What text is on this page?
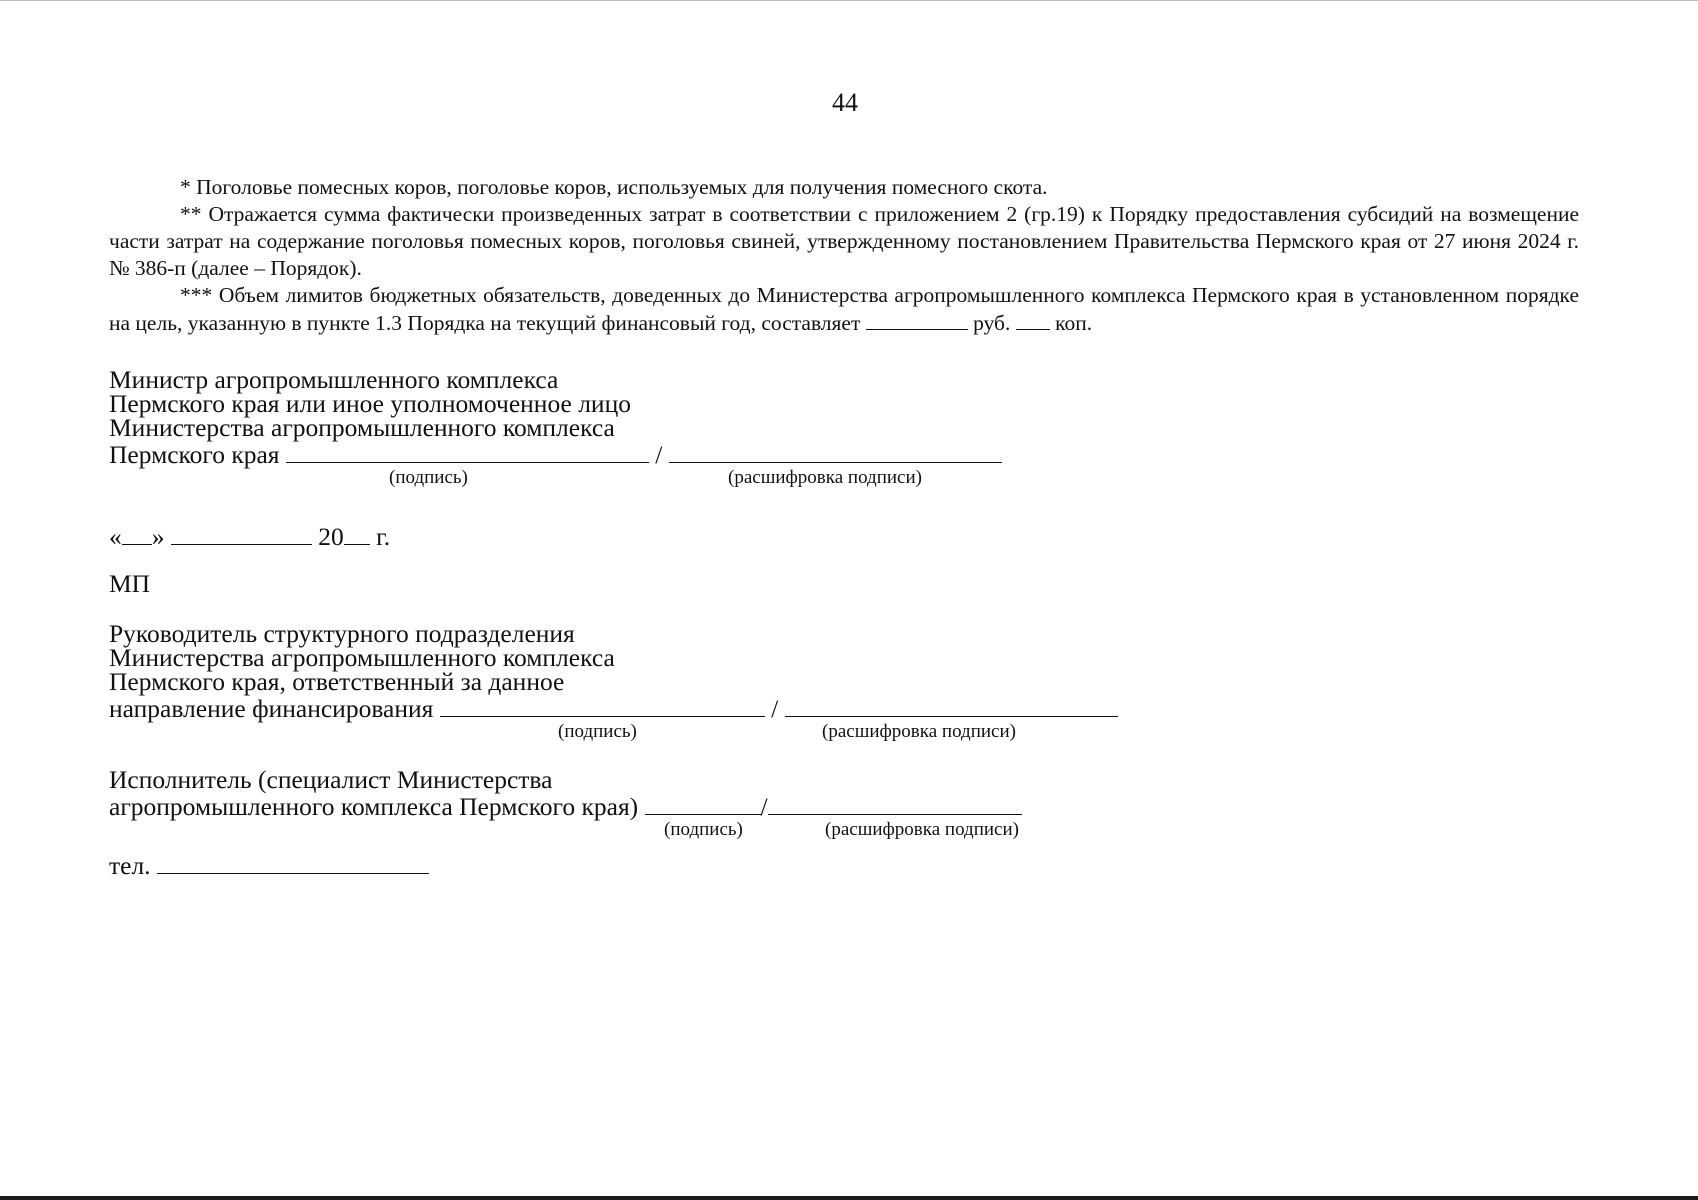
44

* Поголовье помесных коров, поголовье коров, используемых для получения помесного скота.

** Отражается сумма фактически произведенных затрат в соответствии с приложением 2 (гр.19) к Порядку предоставления субсидий на возмещение части затрат на содержание поголовья помесных коров, поголовья свиней, утвержденному постановлением Правительства Пермского края от 27 июня 2024 г. № 386-п (далее – Порядок).

*** Объем лимитов бюджетных обязательств, доведенных до Министерства агропромышленного комплекса Пермского края в установленном порядке на цель, указанную в пункте 1.3 Порядка на текущий финансовый год, составляет	руб. коп.

Министр агропромышленного комплекса
Пермского края или иное уполномоченное лицо
Министерства агропромышленного комплекса
Пермского края	/
(подпись)	(расшифровка подписи)
« »	20 г.
МП
Руководитель структурного подразделения
Министерства агропромышленного комплекса
Пермского края, ответственный за данное
направление финансирования	/
(подпись)	(расшифровка подписи)
Исполнитель (специалист Министерства
агропромышленного комплекса Пермского края)	/
(подпись)	(расшифровка подписи)
тел.
